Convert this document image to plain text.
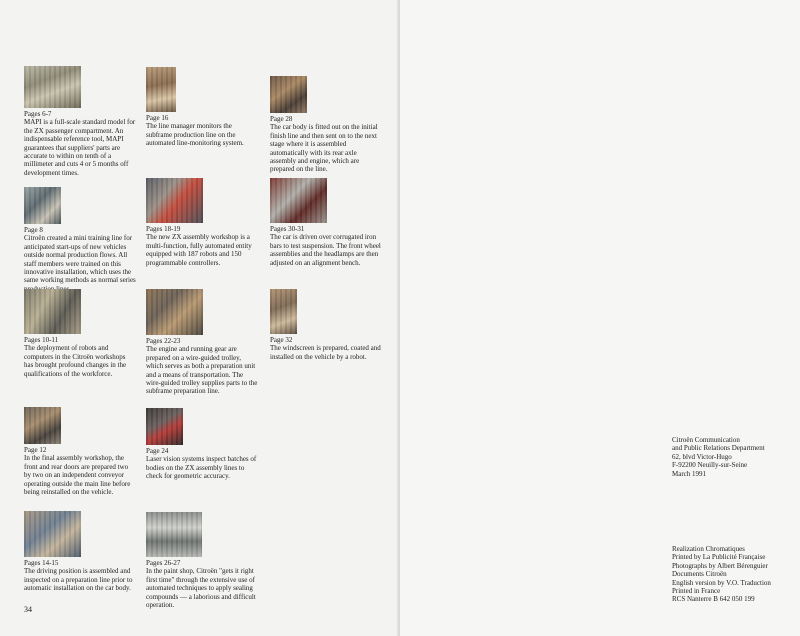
Pages 6-7
MAPI is a full-scale standard model for the ZX passenger compartment. An indispensable reference tool, MAPI guarantees that suppliers' parts are accurate to within on tenth of a millimeter and cuts 4 or 5 months off development times.
Page 8
Citroën created a mini training line for anticipated start-ups of new vehicles outside normal production flows. All staff members were trained on this innovative installation, which uses the same working methods as normal series
Pages 10-11
The deployment of robots and computers in the Citroën workshops has brought profound changes in the qualifications of the workforce.
Page 12
In the final assembly workshop, the front and rear doors are prepared two by two on an independent conveyor operating outside the main line before being reinstalled on the vehicle.
Pages 14-15
The driving position is assembled and inspected on a preparation line prior to automatic installation on the car body.
Page 16
The line manager monitors the subframe production line on the automated line-monitoring system.
Pages 18-19
The new ZX assembly workshop is a multi-function, fully automated entity equipped with 187 robots and 150 programmable controllers.
Pages 22-23
The engine and running gear are prepared on a wire-guided trolley, which serves as both a preparation unit and a means of transportation. The wire-guided trolley supplies parts to the subframe preparation line.
Page 24
Laser vision systems inspect batches of bodies on the ZX assembly lines to check for geometric accuracy.
Pages 26-27
In the paint shop, Citroën "gets it right first time" through the extensive use of automated techniques to apply sealing compounds — a laborious and difficult operation.
Page 28
The car body is fitted out on the initial finish line and then sent on to the next stage where it is assembled automatically with its rear axle assembly and engine, which are prepared on the line.
Pages 30-31
The car is driven over corrugated iron bars to test suspension. The front wheel assemblies and the headlamps are then adjusted on an alignment bench.
Page 32
The windscreen is prepared, coated and installed on the vehicle by a robot.
34
Citroën Communication
and Public Relations Department
62, blvd Victor-Hugo
F-92200 Neuilly-sur-Seine
March 1991
Realization Chromatiques
Printed by La Publicité Française
Photographs by Albert Bérenguier
Documents Citroën
English version by V.O. Traduction
Printed in France
RCS Nanterre B 642 050 199
